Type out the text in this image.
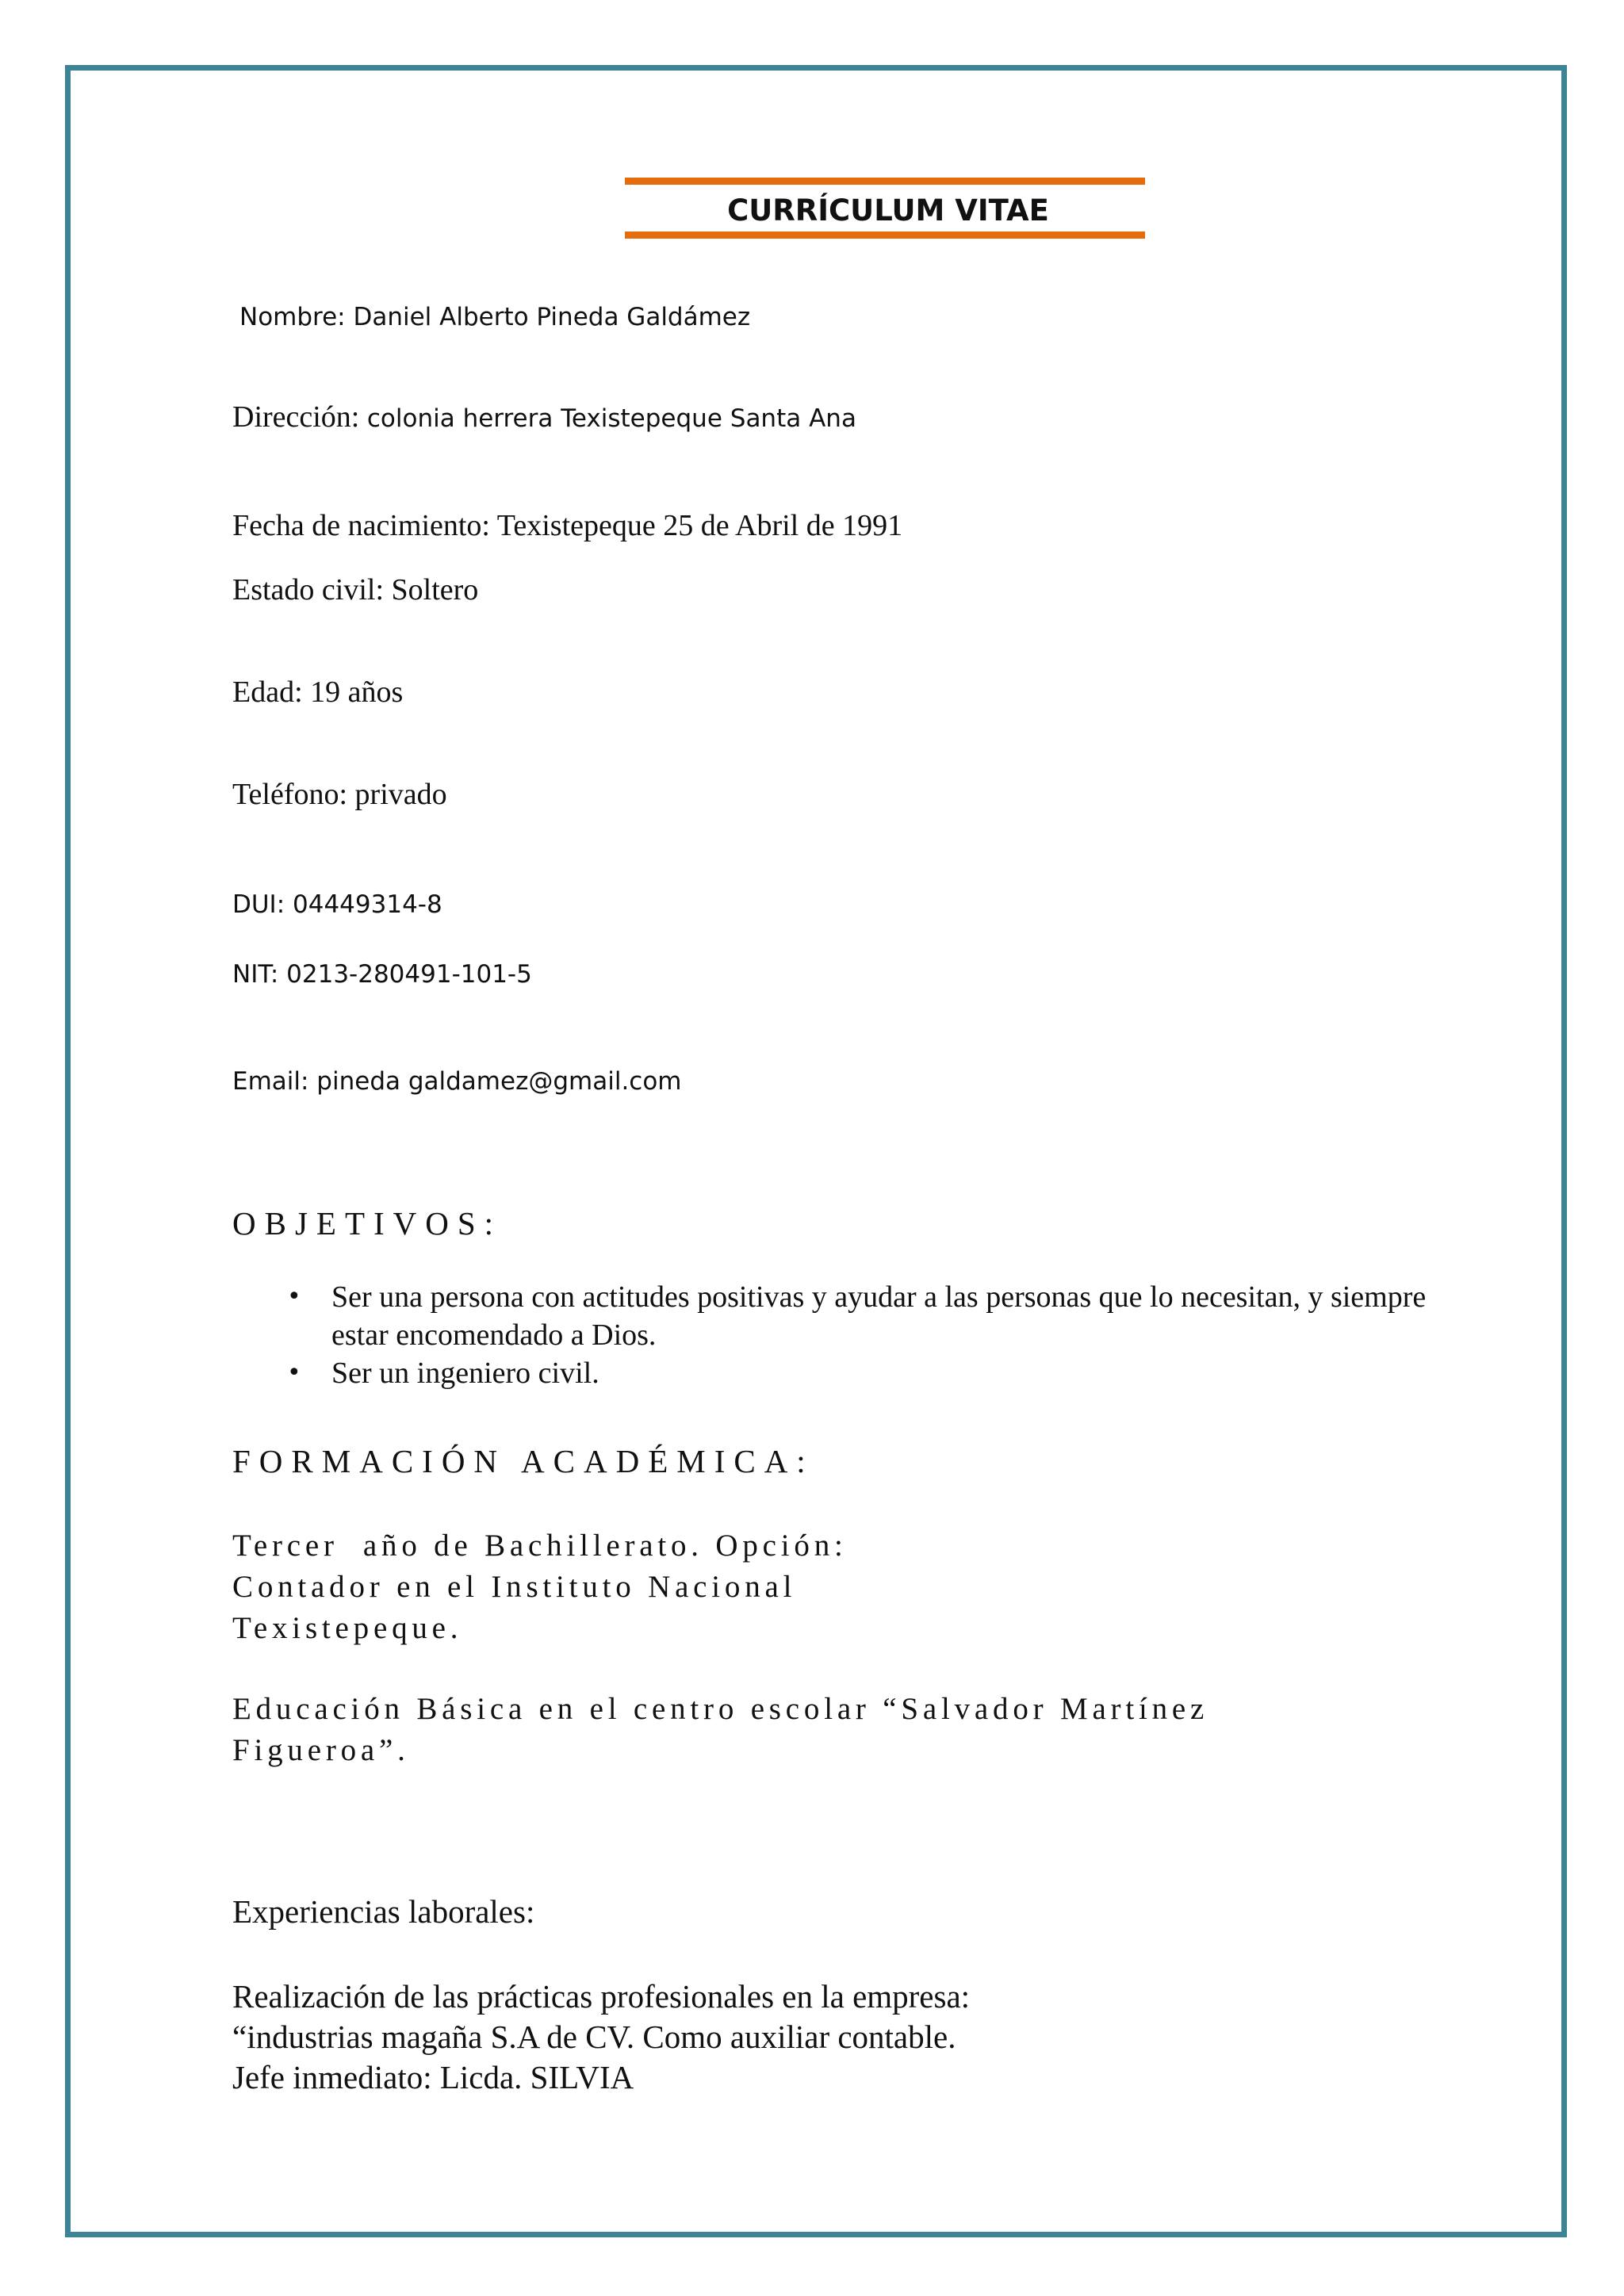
CURRÍCULUM VITAE
Nombre: Daniel Alberto Pineda Galdámez
Dirección: colonia herrera Texistepeque Santa Ana
Fecha de nacimiento: Texistepeque 25 de Abril de 1991
Estado civil: Soltero
Edad: 19 años
Teléfono: privado
DUI: 04449314-8
NIT: 0213-280491-101-5
Email: pineda galdamez@gmail.com
OBJETIVOS:
• Ser una persona con actitudes positivas y ayudar a las personas que lo necesitan, y siempre estar encomendado a Dios.
• Ser un ingeniero civil.
FORMACIÓN ACADÉMICA:
Tercer  año de Bachillerato. Opción:
Contador en el Instituto Nacional
Texistepeque.
Educación Básica en el centro escolar “Salvador Martínez
Figueroa”.
Experiencias laborales:
Realización de las prácticas profesionales en la empresa:
“industrias magaña S.A de CV. Como auxiliar contable.
Jefe inmediato: Licda. SILVIA
